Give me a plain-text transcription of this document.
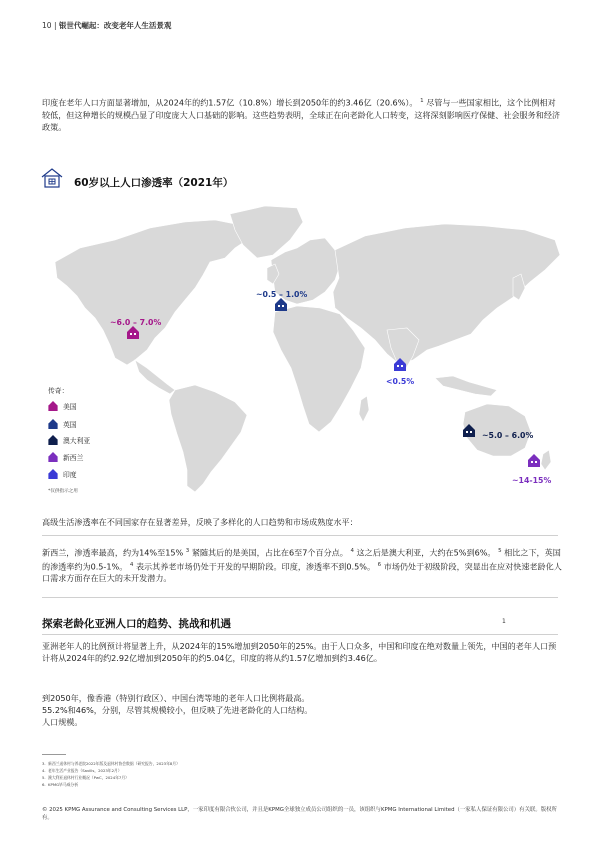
10 | 银世代崛起：改变老年人生活景观
印度在老年人口方面显著增加，从2024年的约1.57亿（10.8%）增长到2050年的约3.46亿（20.6%）。 $^1$ 尽管与一些国家相比，这个比例相对较低，但这种增长的规模凸显了印度庞大人口基础的影响。这些趋势表明，全球正在向老龄化人口转变，这将深刻影响医疗保健、社会服务和经济政策。
60岁以上人口渗透率（2021年）
~6.0 – 7.0%
~0.5 – 1.0%
<0.5%
~5.0 – 6.0%
~14-15%
传奇：
美国
英国
澳大利亚
新西兰
印度
*仅供指示之用
高级生活渗透率在不同国家存在显著差异，反映了多样化的人口趋势和市场成熟度水平：
新西兰，渗透率最高，约为14%至15% $^3$ 紧随其后的是美国，占比在6至7个百分点。 $^4$ 这之后是澳大利亚，大约在5%到6%。 $^5$ 相比之下，英国的渗透率约为0.5-1%。 $^4$ 表示其养老市场仍处于开发的早期阶段。印度，渗透率不到0.5%。 $^6$ 市场仍处于初级阶段，突显出在应对快速老龄化人口需求方面存在巨大的未开发潜力。
探索老龄化亚洲人口的趋势、挑战和机遇	1
亚洲老年人的比例预计将显著上升，从2024年的15%增加到2050年的25%。由于人口众多，中国和印度在绝对数量上领先，中国的老年人口预计将从2024年的约2.92亿增加到2050年的约5.04亿，印度的将从约1.57亿增加到约3.46亿。
到2050年，像香港（特别行政区）、中国台湾等地的老年人口比例将最高。
55.2%和46%，分别，尽管其规模较小，但反映了先进老龄化的人口结构。
人口规模。
3. 新西兰退休村与养老院2022年版及退休村协会数据（研究报告，2023年8月）
4. 老年生活产业报告（Savills，2023年2月）
5. 澳大利亚退休村行业概况（PwC，2024年7月）
6. KPMG毕马威分析
© 2025 KPMG Assurance and Consulting Services LLP，一家印度有限合伙公司，并且是KPMG全球独立成员公司组织的一员，该组织与KPMG International Limited（一家私人保证有限公司）有关联。版权所有。
